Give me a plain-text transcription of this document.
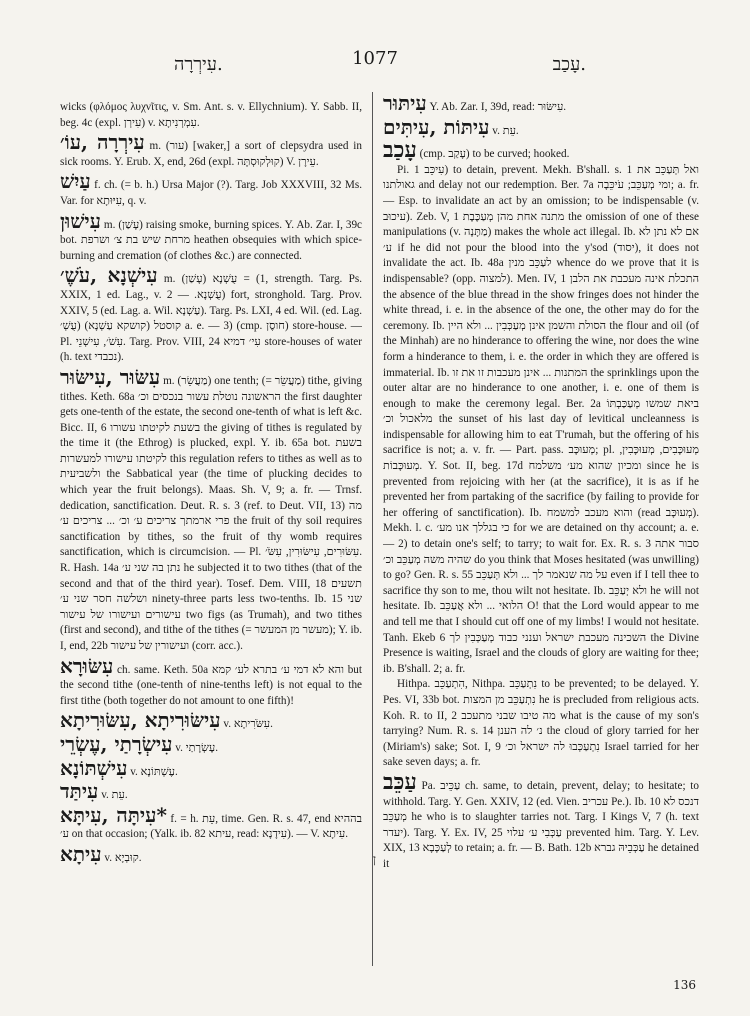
עִירְרָה.	1077	עָכַב.

wicks (φλόμος λυχνῖτις, v. Sm. Ant. s. v. Ellychnium). Y. Sabb. II, beg. 4c (expl. עִירְן) v. עִמְרְנִיתָא.

עִירְרָה ,עוֹ׳ m. (עור) [waker,] a sort of clepsydra used in sick rooms. Y. Erub. X, end, 26d (expl. קוּלְקוּסְתָּה) V. עֵירָן.

עַיִשׁ f. ch. (= b. h.) Ursa Major (?). Targ. Job XXXVIII, 32 Ms. Var. for עִיּוּתָא, q. v.

עִישׁוּן m. (עָשַׁן) raising smoke, burning spices. Y. Ab. Zar. I, 39c bot. מרחת שיש בת צ׳ ושרפת heathen obsequies with which spice-burning and cremation (of clothes &c.) are connected.

עִישְׁנָא ,עֹשֶׁ׳ m. (עָשַׁן) 1) = עֻשְׁנָא, strength. Targ. Ps. XXIX, 1 ed. Lag., v. עֻשְׁנָא. — 2) fort, stronghold. Targ. Prov. XXIV, 5 (ed. Lag. a. Wil. עַשְׁנָא). Targ. Ps. LXI, 4 ed. Wil. (ed. Lag. עֻשְׁ׳) (קושקא עַשְׁנָא) קוסטל a. e. — 3) (cmp. חוסֶן) store-house. — Pl. עִשֹׁ׳, עִישְׁנֵי. Targ. Prov. VIII, 24 עִי׳ דמיא store-houses of water (h. text נכבדי).

עִשּׂוּר ,עִישּׂוּר m. (מַעֲשֵׂר) one tenth; (= מַעֲשֵׂר) tithe, giving tithes. Keth. 68a הראשונה נוטלת עשור בנכסים וכ׳ the first daughter gets one-tenth of the estate, the second one-tenth of what is left &c. Bicc. II, 6 בשעת לקיטתו עשורו the giving of tithes is regulated by the time it (the Ethrog) is plucked, expl. Y. ib. 65a bot. בשעת לקיטתו עישורו למעשרות this regulation refers to tithes as well as to ולשביעית the Sabbatical year (the time of plucking decides to which year the fruit belongs). Maas. Sh. V, 9; a. fr. — Trnsf. dedication, sanctification. Deut. R. s. 3 (ref. to Deut. VII, 13) מה פרי ארמתך צריכים ע׳ וכ׳ ... צריכים ע׳ the fruit of thy soil requires sanctification by tithes, so the fruit of thy womb requires sanctification, which is circumcision. — Pl. עִשּׂוּרִים, עִישּׂוּרִין, עִשֹּׂ׳. R. Hash. 14a נתן בה שני ע׳ he subjected it to two tithes (that of the second and that of the third year). Tosef. Dem. VIII, 18 תשעים ושלשה חסר שני ע׳ ninety-three parts less two-tenths. Ib. 15 שני עישורים ועישורו של עישור two figs (as Trumah), and two tithes (first and second), and tithe of the tithes (= מעשר מן המעשר); Y. ib. I, end, 22b ועישורין של עישור (corr. acc.).

עִשּׂוּרָא ch. same. Keth. 50a והא לא דמי ע׳ בתרא לע׳ קמא but the second tithe (one-tenth of nine-tenths left) is not equal to the first tithe (both together do not amount to one fifth)!

עִישּׂוּרִיתָא ,עִשּׂוּרִיתָא v. עִשֹּׂרִיתָא.

עִישְׂרָתַי ,עֶשְׂרֵי v. עֶשְׂרָתַי.

עִישְׁתּוֹנָא v. עֶשְׁתּוֹנָא.

עִיתַּד v. עֵת.

*עִיתָּה ,עִיתָּא f. = h. עֵת, time. Gen. R. s. 47, end בההיא ע׳ on that occasion; (Yalk. ib. 82 עיתא, read: עִידָנָא). — V. עִיתָא.

עִיתָא v. קוּבְיָא.	ן

עִיתּוּר Y. Ab. Zar. I, 39d, read: עִישּׂוּר.

עִיתּוֹת ,עִיתִּים v. עֵת.

עָכַב (cmp. עָקַב) to be curved; hooked.

Pi. עִיכֵּב 1) to detain, prevent. Mekh. B'shall. s. 1 ואל תְּעַכֵּב את גאולתנו and delay not our redemption. Ber. 7a ומי מְעַכֵּב; עֹיכֵּבָה; a. fr. — Esp. to invalidate an act by an omission; to be indispensable (v. עיכוּב). Zeb. V, 1 מתנה אחת מהן מְעַכֶּבֶת the omission of one of these manipulations (v. מַתָּנָה) makes the whole act illegal. Ib. אם לא נתן לא ע׳ if he did not pour the blood into the y'sod (יסוד), it does not invalidate the act. Ib. 48a לעַכֵּב מנין whence do we prove that it is indispensable? (opp. למצוה). Men. IV, 1 התכלת אינה מעכבת את הלבן the absence of the blue thread in the show fringes does not hinder the white thread, i. e. in the absence of the one, the other may do for the ceremony. Ib. הסולת והשמן אינן מְעַכְּבִין ... ולא היין the flour and oil (of the Minhah) are no hinderance to offering the wine, nor does the wine form a hinderance to them, i. e. the order in which they are offered is immaterial. Ib. המתנות ... אינן מעכבות זו את זו the sprinklings upon the outer altar are no hinderance to one another, i. e. one of them is enough to make the ceremony legal. Ber. 2a ביאת שמשו מְעַכַּבְתּוֹ מלאכול וכ׳ the sunset of his last day of levitical uncleanness is indispensable for allowing him to eat T'rumah, but the offering of his sacrifice is not; a. v. fr. — Part. pass. מְעוּכָּב; pl. מְעוּכָּבִים, מְעוּכָּבִין, מְעוּכָּבוֹת. Y. Sot. II, beg. 17d ומכיון שהוא מע׳ משלמח since he is prevented from rejoicing with her (at the sacrifice), it is as if he prevented her from partaking of the sacrifice (by failing to provide for her offering of sanctification). Ib. והוא מעכב למשמח (read מְעוּכָּב). Mekh. l. c. כי בגללך אנו מע׳ for we are detained on thy account; a. e. — 2) to detain one's self; to tarry; to wait for. Ex. R. s. 3 סבור אתה שהיה משה מְעַכֵּב וכ׳ do you think that Moses hesitated (was unwilling) to go? Gen. R. s. 55 על מה שנאמר לך ... ולא תְּעַכֵּב even if I tell thee to sacrifice thy son to me, thou wilt not hesitate. Ib. ולא יְעַכֵּב he will not hesitate. Ib. הלואי ... ולא אֲעַכֵּב O! that the Lord would appear to me and tell me that I should cut off one of my limbs! I would not hesitate. Tanh. Ekeb 6 השכינה מעכבת ישראל וענני כבוד מְעַכְּבִין לך the Divine Presence is waiting, Israel and the clouds of glory are waiting for thee; ib. B'shall. 2; a. fr.

Hithpa. הִתְעַכֵּב, Nithpa. נִתְעַכֵּב to be prevented; to be delayed. Y. Pes. VI, 33b bot. נִתְעַכֵּב מן המצות he is precluded from religious acts. Koh. R. to II, 2 מה טיבו שבני מתעכב what is the cause of my son's tarrying? Num. R. s. 14 נ׳ לה הענן the cloud of glory tarried for her (Miriam's) sake; Sot. I, 9 נִתְעַכְּבוּ לה ישראל וכ׳ Israel tarried for her sake seven days; a. fr.

עַכֵּב Pa. עַכֵּיב ch. same, to detain, prevent, delay; to hesitate; to withhold. Targ. Y. Gen. XXIV, 12 (ed. Vien. עכריב Pe.). Ib. 10 דנכס לא מְעַכֵּב he who is to slaughter tarries not. Targ. I Kings V, 7 (h. text יעדר). Targ. Y. Ex. IV, 25 עַכְּבִי ע׳ עלוי prevented him. Targ. Y. Lev. XIX, 13 לְעַכָּבָא to retain; a. fr. — B. Bath. 12b עַכְּבֵיהּ גברא he detained it

136
